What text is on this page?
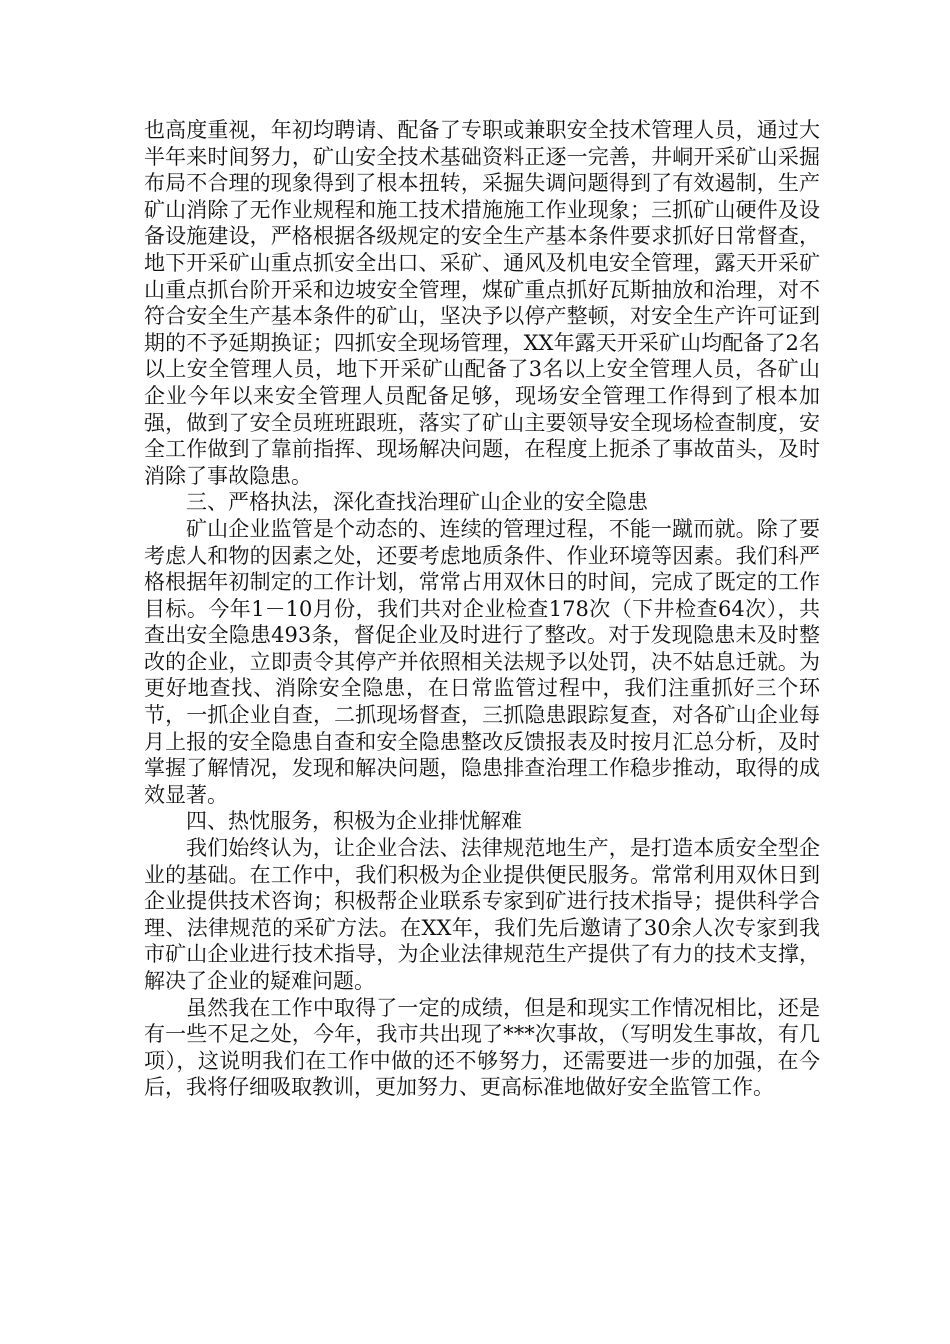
也高度重视，年初均聘请、配备了专职或兼职安全技术管理人员，通过大半年来时间努力，矿山安全技术基础资料正逐一完善，井峒开采矿山采掘布局不合理的现象得到了根本扭转，采掘失调问题得到了有效遏制，生产矿山消除了无作业规程和施工技术措施施工作业现象；三抓矿山硬件及设备设施建设，严格根据各级规定的安全生产基本条件要求抓好日常督查，地下开采矿山重点抓安全出口、采矿、通风及机电安全管理，露天开采矿山重点抓台阶开采和边坡安全管理，煤矿重点抓好瓦斯抽放和治理，对不符合安全生产基本条件的矿山，坚决予以停产整顿，对安全生产许可证到期的不予延期换证；四抓安全现场管理，XX年露天开采矿山均配备了2名以上安全管理人员，地下开采矿山配备了3名以上安全管理人员，各矿山企业今年以来安全管理人员配备足够，现场安全管理工作得到了根本加强，做到了安全员班班跟班，落实了矿山主要领导安全现场检查制度，安全工作做到了靠前指挥、现场解决问题，在程度上扼杀了事故苗头，及时消除了事故隐患。

三、严格执法，深化查找治理矿山企业的安全隐患

矿山企业监管是个动态的、连续的管理过程，不能一蹴而就。除了要考虑人和物的因素之处，还要考虑地质条件、作业环境等因素。我们科严格根据年初制定的工作计划，常常占用双休日的时间，完成了既定的工作目标。今年1－10月份，我们共对企业检查178次（下井检查64次），共查出安全隐患493条，督促企业及时进行了整改。对于发现隐患未及时整改的企业，立即责令其停产并依照相关法规予以处罚，决不姑息迁就。为更好地查找、消除安全隐患，在日常监管过程中，我们注重抓好三个环节，一抓企业自查，二抓现场督查，三抓隐患跟踪复查，对各矿山企业每月上报的安全隐患自查和安全隐患整改反馈报表及时按月汇总分析，及时掌握了解情况，发现和解决问题，隐患排查治理工作稳步推动，取得的成效显著。

四、热忱服务，积极为企业排忧解难

我们始终认为，让企业合法、法律规范地生产，是打造本质安全型企业的基础。在工作中，我们积极为企业提供便民服务。常常利用双休日到企业提供技术咨询；积极帮企业联系专家到矿进行技术指导；提供科学合理、法律规范的采矿方法。在XX年，我们先后邀请了30余人次专家到我市矿山企业进行技术指导，为企业法律规范生产提供了有力的技术支撑，解决了企业的疑难问题。

虽然我在工作中取得了一定的成绩，但是和现实工作情况相比，还是有一些不足之处，今年，我市共出现了***次事故，（写明发生事故，有几项），这说明我们在工作中做的还不够努力，还需要进一步的加强，在今后，我将仔细吸取教训，更加努力、更高标准地做好安全监管工作。
